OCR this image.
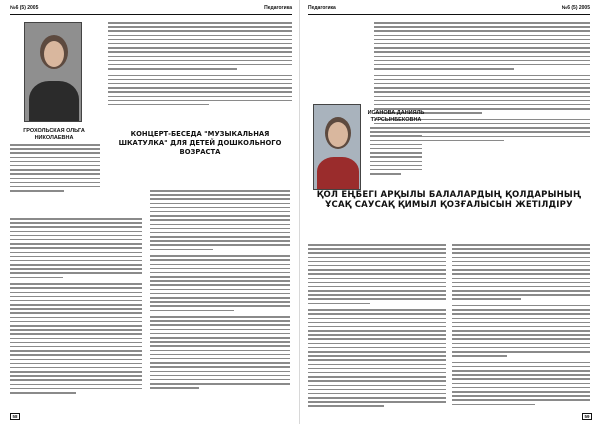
№6 (5) 2005	Педагогика
ГРОХОЛЬСКАЯ ОЛЬГА НИКОЛАЕВНА	КОНЦЕРТ-БЕСЕДА "МУЗЫКАЛЬНАЯ ШКАТУЛКА" ДЛЯ ДЕТЕЙ ДОШКОЛЬНОГО ВОЗРАСТА
58
Педагогика	№6 (5) 2005
ИСАНОВА ДАНИЯЛЬ ТУРСЫНБЕКОВНА
ҚОЛ ЕҢБЕГІ АРҚЫЛЫ БАЛАЛАРДЫҢ ҚОЛДАРЫНЫҢ ҰСАҚ САУСАҚ ҚИМЫЛ ҚОЗҒАЛЫСЫН ЖЕТІЛДІРУ
59
